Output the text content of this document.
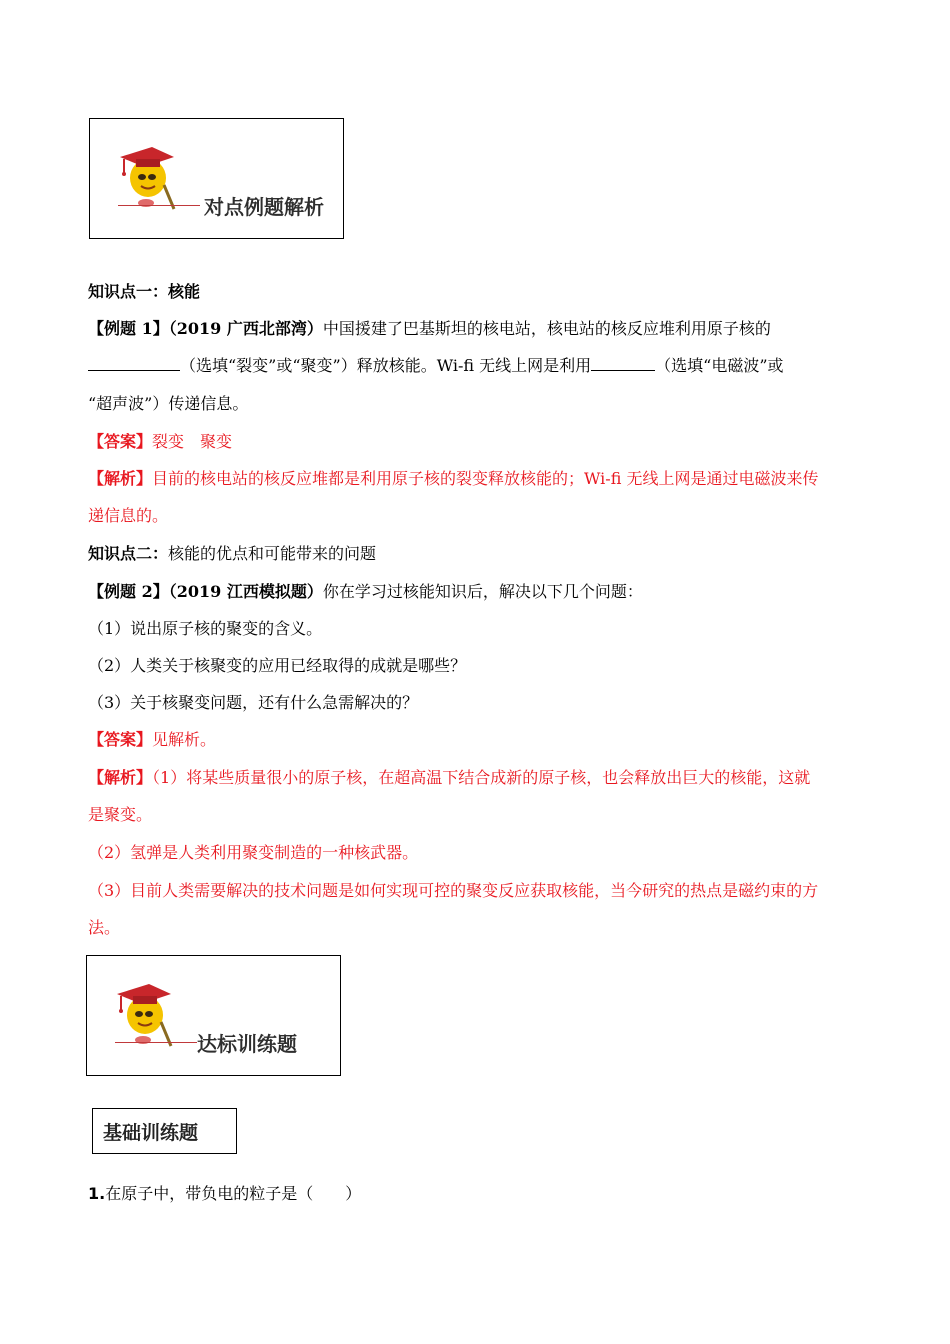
对点例题解析
知识点一：核能
【例题 1】（2019 广西北部湾）中国援建了巴基斯坦的核电站，核电站的核反应堆利用原子核的
（选填“裂变”或“聚变”）释放核能。Wi-fi 无线上网是利用	（选填“电磁波”或
“超声波”）传递信息。
【答案】裂变　聚变
【解析】目前的核电站的核反应堆都是利用原子核的裂变释放核能的；Wi-fi 无线上网是通过电磁波来传
递信息的。
知识点二：核能的优点和可能带来的问题
【例题 2】（2019 江西模拟题）你在学习过核能知识后，解决以下几个问题：
（1）说出原子核的聚变的含义。
（2）人类关于核聚变的应用已经取得的成就是哪些？
（3）关于核聚变问题，还有什么急需解决的？
【答案】见解析。
【解析】（1）将某些质量很小的原子核，在超高温下结合成新的原子核，也会释放出巨大的核能，这就
是聚变。
（2）氢弹是人类利用聚变制造的一种核武器。
（3）目前人类需要解决的技术问题是如何实现可控的聚变反应获取核能，当今研究的热点是磁约束的方
法。
达标训练题
基础训练题
1.在原子中，带负电的粒子是（　　）
